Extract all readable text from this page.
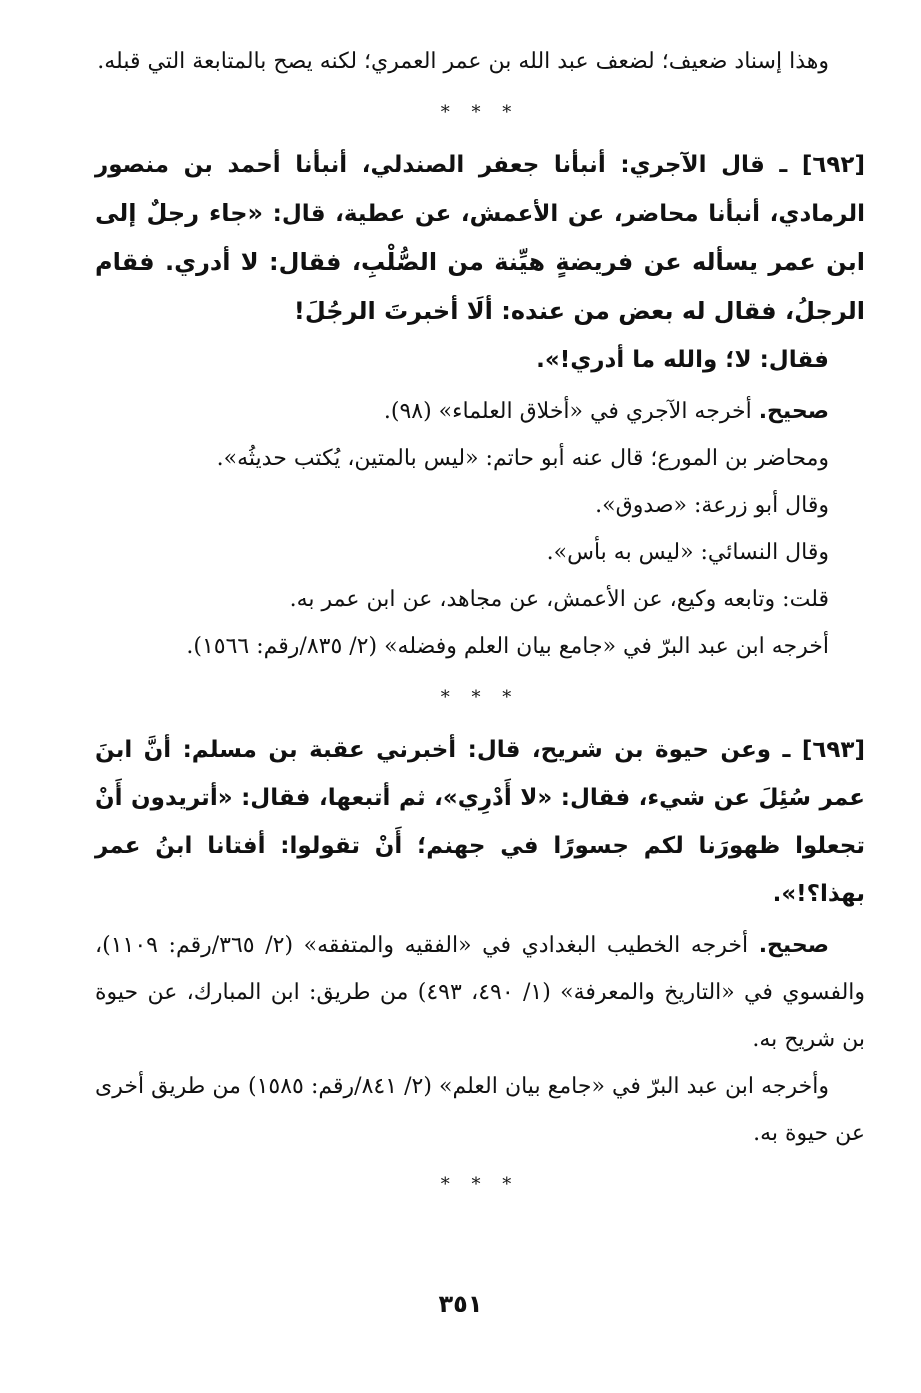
وهذا إسناد ضعيف؛ لضعف عبد الله بن عمر العمري؛ لكنه يصح بالمتابعة التي قبله.

* * *

[٦٩٢] ـ قال الآجري: أنبأنا جعفر الصندلي، أنبأنا أحمد بن منصور الرمادي، أنبأنا محاضر، عن الأعمش، عن عطية، قال: «جاء رجلٌ إلى ابن عمر يسأله عن فريضةٍ هيِّنة من الصُّلْبِ، فقال: لا أدري. فقام الرجلُ، فقال له بعض من عنده: ألَا أخبرتَ الرجُلَ!

فقال: لا؛ والله ما أدري!».

صحيح. أخرجه الآجري في «أخلاق العلماء» (٩٨).

ومحاضر بن المورع؛ قال عنه أبو حاتم: «ليس بالمتين، يُكتب حديثُه».

وقال أبو زرعة: «صدوق».

وقال النسائي: «ليس به بأس».

قلت: وتابعه وكيع، عن الأعمش، عن مجاهد، عن ابن عمر به.

أخرجه ابن عبد البرّ في «جامع بيان العلم وفضله» (٢/ ٨٣٥/رقم: ١٥٦٦).

* * *

[٦٩٣] ـ وعن حيوة بن شريح، قال: أخبرني عقبة بن مسلم: أنَّ ابنَ عمر سُئِلَ عن شيء، فقال: «لا أَدْرِي»، ثم أتبعها، فقال: «أتريدون أَنْ تجعلوا ظهورَنا لكم جسورًا في جهنم؛ أَنْ تقولوا: أفتانا ابنُ عمر بهذا؟!».

صحيح. أخرجه الخطيب البغدادي في «الفقيه والمتفقه» (٢/ ٣٦٥/رقم: ١١٠٩)، والفسوي في «التاريخ والمعرفة» (١/ ٤٩٠، ٤٩٣) من طريق: ابن المبارك، عن حيوة بن شريح به.

وأخرجه ابن عبد البرّ في «جامع بيان العلم» (٢/ ٨٤١/رقم: ١٥٨٥) من طريق أخرى عن حيوة به.

* * *
٣٥١
